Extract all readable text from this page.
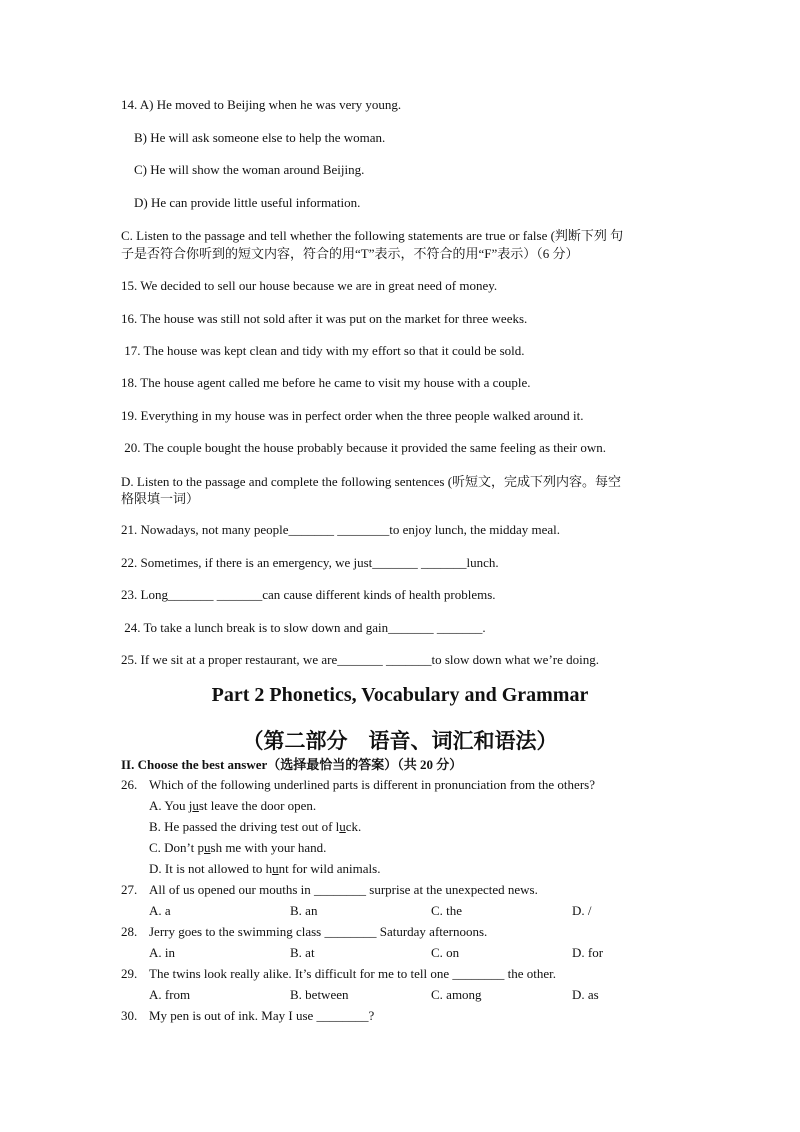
14. A) He moved to Beijing when he was very young.
B) He will ask someone else to help the woman.
C) He will show the woman around Beijing.
D) He can provide little useful information.
C. Listen to the passage and tell whether the following statements are true or false (判断下列 句
子是否符合你听到的短文内容，符合的用“T”表示，不符合的用“F”表示）（6 分）
15. We decided to sell our house because we are in great need of money.
16. The house was still not sold after it was put on the market for three weeks.
17. The house was kept clean and tidy with my effort so that it could be sold.
18. The house agent called me before he came to visit my house with a couple.
19. Everything in my house was in perfect order when the three people walked around it.
20. The couple bought the house probably because it provided the same feeling as their own.
D. Listen to the passage and complete the following sentences (听短文，完成下列内容。每空
格限填一词）
21. Nowadays, not many people_______ ________to enjoy lunch, the midday meal.
22. Sometimes, if there is an emergency, we just_______ _______lunch.
23. Long_______ _______can cause different kinds of health problems.
24. To take a lunch break is to slow down and gain_______ _______.
25. If we sit at a proper restaurant, we are_______ _______to slow down what we’re doing.
Part 2 Phonetics, Vocabulary and Grammar
（第二部分　语音、词汇和语法）
II. Choose the best answer（选择最恰当的答案）（共 20 分）
26. Which of the following underlined parts is different in pronunciation from the others?
A. You just leave the door open.
B. He passed the driving test out of luck.
C. Don’t push me with your hand.
D. It is not allowed to hunt for wild animals.
27. All of us opened our mouths in ________ surprise at the unexpected news.
A. a	B. an	C. the	D. /
28. Jerry goes to the swimming class ________ Saturday afternoons.
A. in	B. at	C. on	D. for
29. The twins look really alike. It’s difficult for me to tell one ________ the other.
A. from	B. between	C. among	D. as
30. My pen is out of ink. May I use ________?
